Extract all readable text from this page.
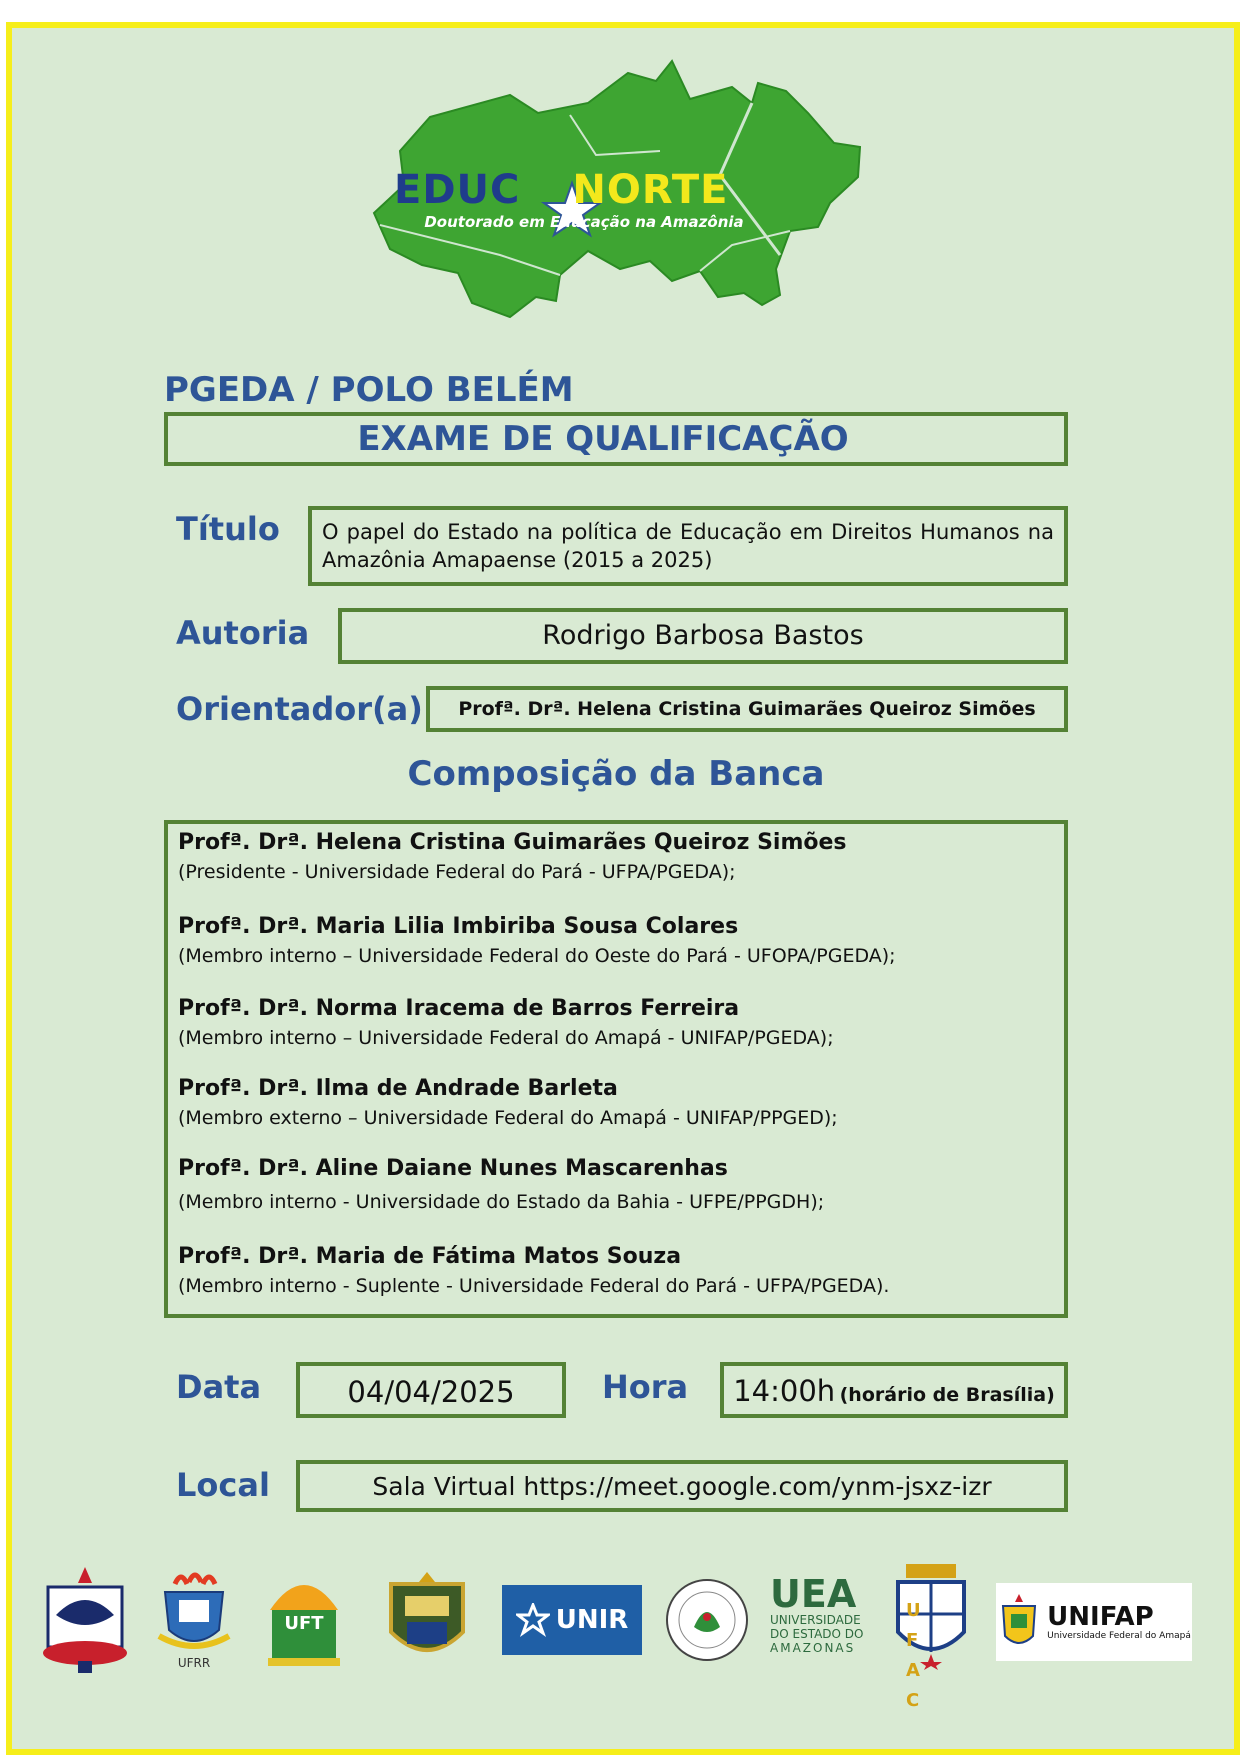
EDUC NORTE
Doutorado em Educação na Amazônia
PGEDA / POLO BELÉM
EXAME DE QUALIFICAÇÃO
Título O papel do Estado na política de Educação em Direitos Humanos na Amazônia Amapaense (2015 a 2025)
Autoria	Rodrigo Barbosa Bastos
Orientador(a)	Profª. Drª. Helena Cristina Guimarães Queiroz Simões
Composição da Banca
Profª. Drª. Helena Cristina Guimarães Queiroz Simões
(Presidente - Universidade Federal do Pará - UFPA/PGEDA);
Profª. Drª. Maria Lilia Imbiriba Sousa Colares
(Membro interno – Universidade Federal do Oeste do Pará - UFOPA/PGEDA);
Profª. Drª. Norma Iracema de Barros Ferreira
(Membro interno – Universidade Federal do Amapá - UNIFAP/PGEDA);
Profª. Drª. Ilma de Andrade Barleta
(Membro externo – Universidade Federal do Amapá - UNIFAP/PPGED);
Profª. Drª. Aline Daiane Nunes Mascarenhas
(Membro interno - Universidade do Estado da Bahia - UFPE/PPGDH);
Profª. Drª. Maria de Fátima Matos Souza
(Membro interno - Suplente - Universidade Federal do Pará - UFPA/PGEDA).
Data	04/04/2025	Hora	14:00h (horário de Brasília)
Local	Sala Virtual https://meet.google.com/ynm-jsxz-izr
UFRR
UFT	UNIR
UEA
UNIVERSIDADE
DO ESTADO DO
AMAZONAS
UFAC
UNIFAP
Universidade Federal do Amapá
